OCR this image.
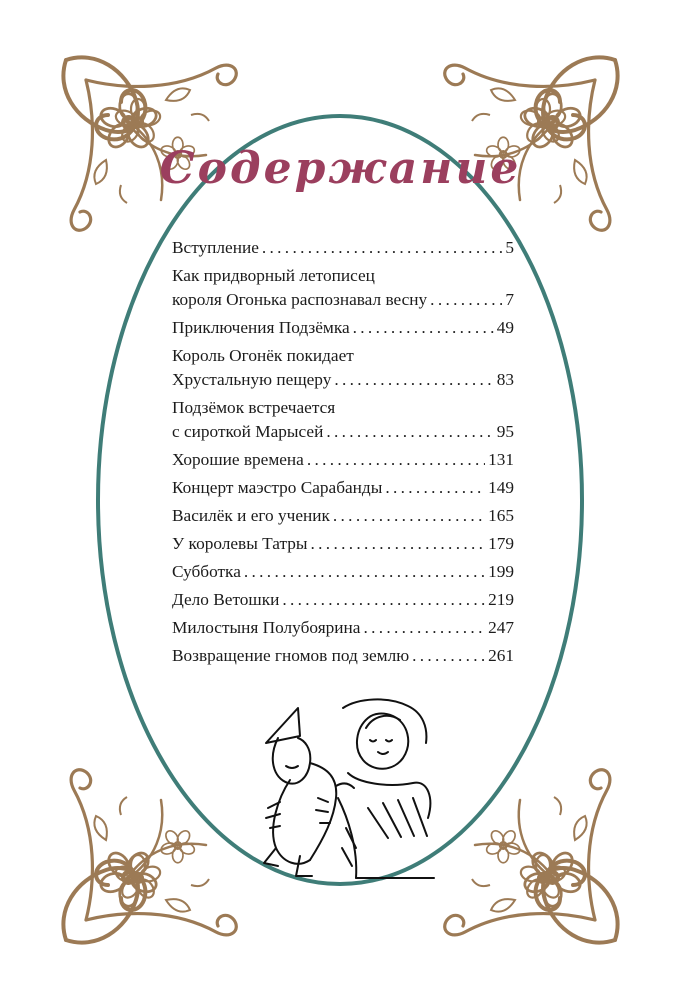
Содержание
Вступление . . .	5
Как придворный летописец
короля Огонька распознавал весну . . .	7
Приключения Подзёмка . . .	49
Король Огонёк покидает
Хрустальную пещеру . . .	83
Подзёмок встречается
с сироткой Марысей . . .	95
Хорошие времена . . .	131
Концерт маэстро Сарабанды . . .	149
Василёк и его ученик . . .	165
У королевы Татры . . .	179
Субботка . . .	199
Дело Ветошки . . .	219
Милостыня Полубоярина . . .	247
Возвращение гномов под землю . . .	261
